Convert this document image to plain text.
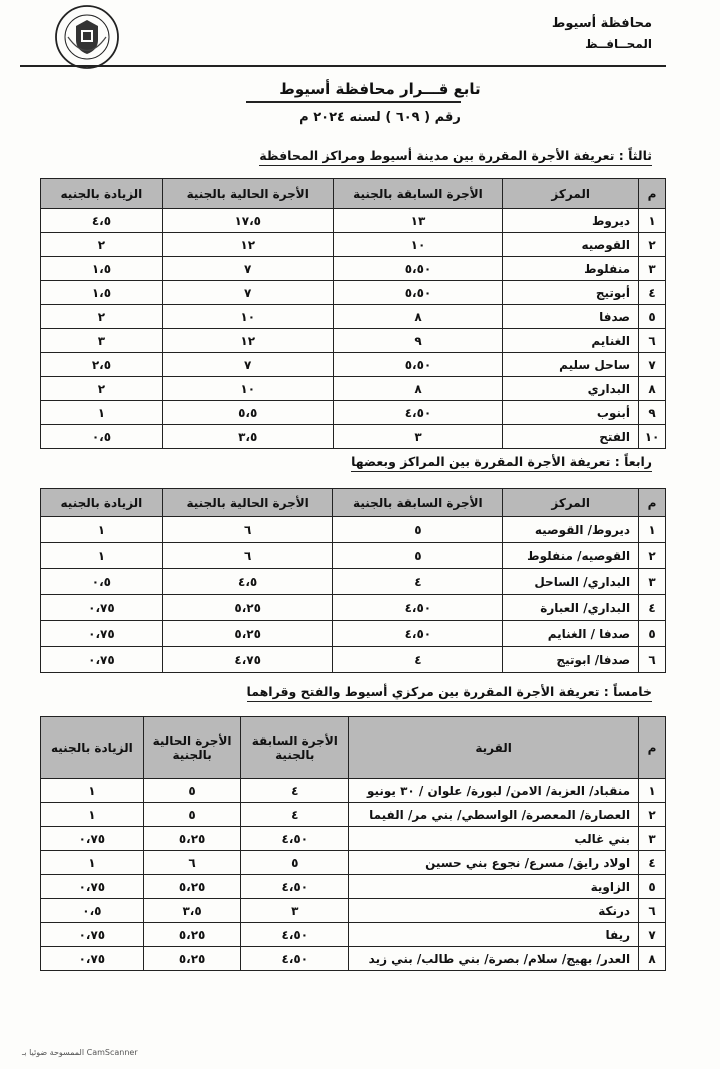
محافظة أسيوط
المحــافــظ
تابع قـــرار محافظة أسيوط
رقم ( ٦٠٩ ) لسنه ٢٠٢٤ م
ثالثاً : تعريفة الأجرة المقررة بين مدينة أسيوط ومراكز المحافظة
م	المركز	الأجرة السابقة بالجنية	الأجرة الحالية بالجنية	الزيادة بالجنيه
١	ديروط	١٣	١٧،٥	٤،٥
٢	القوصيه	١٠	١٢	٢
٣	منفلوط	٥،٥٠	٧	١،٥
٤	أبوتيج	٥،٥٠	٧	١،٥
٥	صدفا	٨	١٠	٢
٦	الغنايم	٩	١٢	٣
٧	ساحل سليم	٥،٥٠	٧	٢،٥
٨	البداري	٨	١٠	٢
٩	أبنوب	٤،٥٠	٥،٥	١
١٠	الفتح	٣	٣،٥	٠،٥
رابعاً : تعريفة الأجرة المقررة بين المراكز وبعضها
م	المركز	الأجرة السابقة بالجنية	الأجرة الحالية بالجنية	الزيادة بالجنيه
١	ديروط/ القوصيه	٥	٦	١
٢	القوصيه/ منفلوط	٥	٦	١
٣	البداري/ الساحل	٤	٤،٥	٠،٥
٤	البداري/ العبارة	٤،٥٠	٥،٢٥	٠،٧٥
٥	صدفا / الغنايم	٤،٥٠	٥،٢٥	٠،٧٥
٦	صدفا/ ابوتيج	٤	٤،٧٥	٠،٧٥
خامساً : تعريفة الأجرة المقررة بين مركزي أسيوط والفتح وقراهما
م	القرية	الأجرة السابقة بالجنية	الأجرة الحالية بالجنية	الزيادة بالجنيه
١	منقباد/ العزبة/ الامن/ لبورة/ علوان / ٣٠ يونيو	٤	٥	١
٢	العصارة/ المعصرة/ الواسطي/ بني مر/ الفيما	٤	٥	١
٣	بني غالب	٤،٥٠	٥،٢٥	٠،٧٥
٤	اولاد رايق/ مسرع/ نجوع بني حسين	٥	٦	١
٥	الزاوية	٤،٥٠	٥،٢٥	٠،٧٥
٦	درنكة	٣	٣،٥	٠،٥
٧	ريفا	٤،٥٠	٥،٢٥	٠،٧٥
٨	العدر/ بهيج/ سلام/ بصرة/ بني طالب/ بني زيد	٤،٥٠	٥،٢٥	٠،٧٥
CamScanner الممسوحة ضوئيا بـ
